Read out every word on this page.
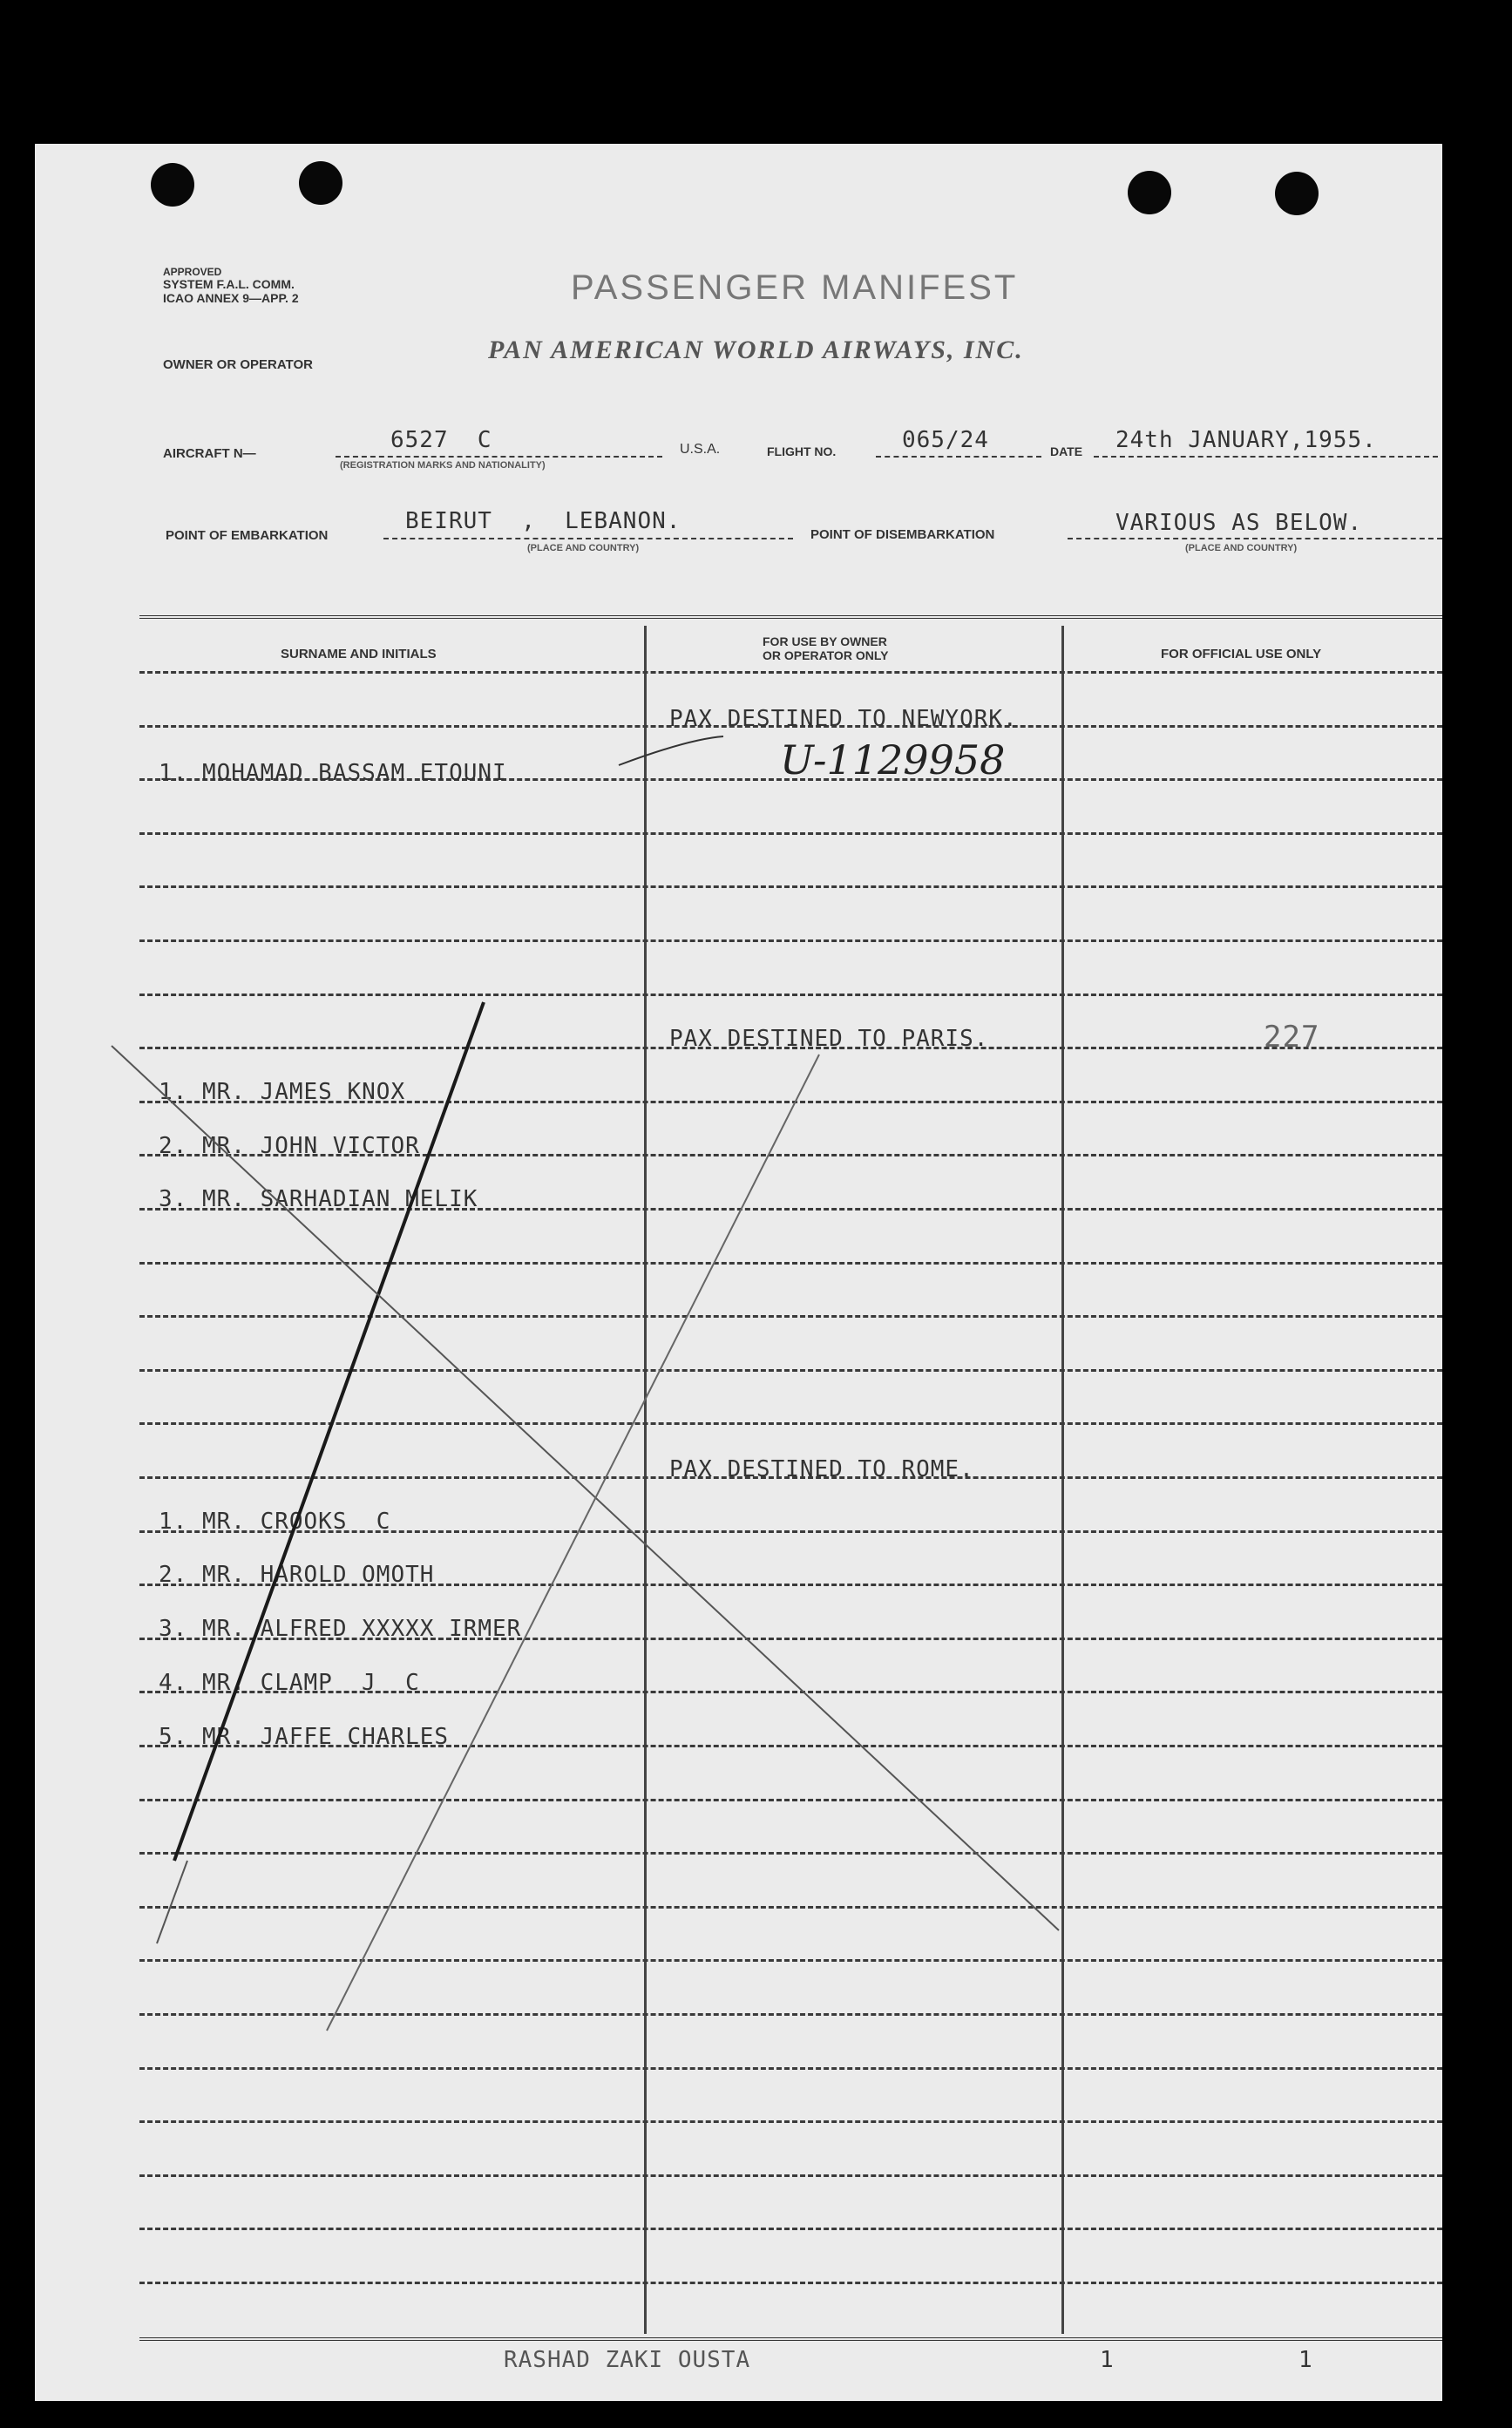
APPROVED
SYSTEM F.A.L. COMM.
ICAO ANNEX 9—APP. 2	PASSENGER MANIFEST
OWNER OR OPERATOR
PAN AMERICAN WORLD AIRWAYS, INC.
AIRCRAFT N—
6527  C
(REGISTRATION MARKS AND NATIONALITY)
U.S.A.	FLIGHT NO.	065/24	DATE 24th JANUARY,1955.
POINT OF EMBARKATION
BEIRUT  ,  LEBANON.
(PLACE AND COUNTRY)
POINT OF DISEMBARKATION	VARIOUS AS BELOW.
(PLACE AND COUNTRY)
SURNAME AND INITIALS
FOR USE BY OWNER
OR OPERATOR ONLY	FOR OFFICIAL USE ONLY
PAX DESTINED TO NEWYORK.
1. MOHAMAD BASSAM ETOUNI	U-1129958
PAX DESTINED TO PARIS.	227
1. MR. JAMES KNOX
2. MR. JOHN VICTOR
3. MR. SARHADIAN MELIK
PAX DESTINED TO ROME.
1. MR. CROOKS  C
2. MR. HAROLD OMOTH
3. MR. ALFRED XXXXX IRMER
4. MR. CLAMP  J  C
5. MR. JAFFE CHARLES
RASHAD ZAKI OUSTA	1	1
